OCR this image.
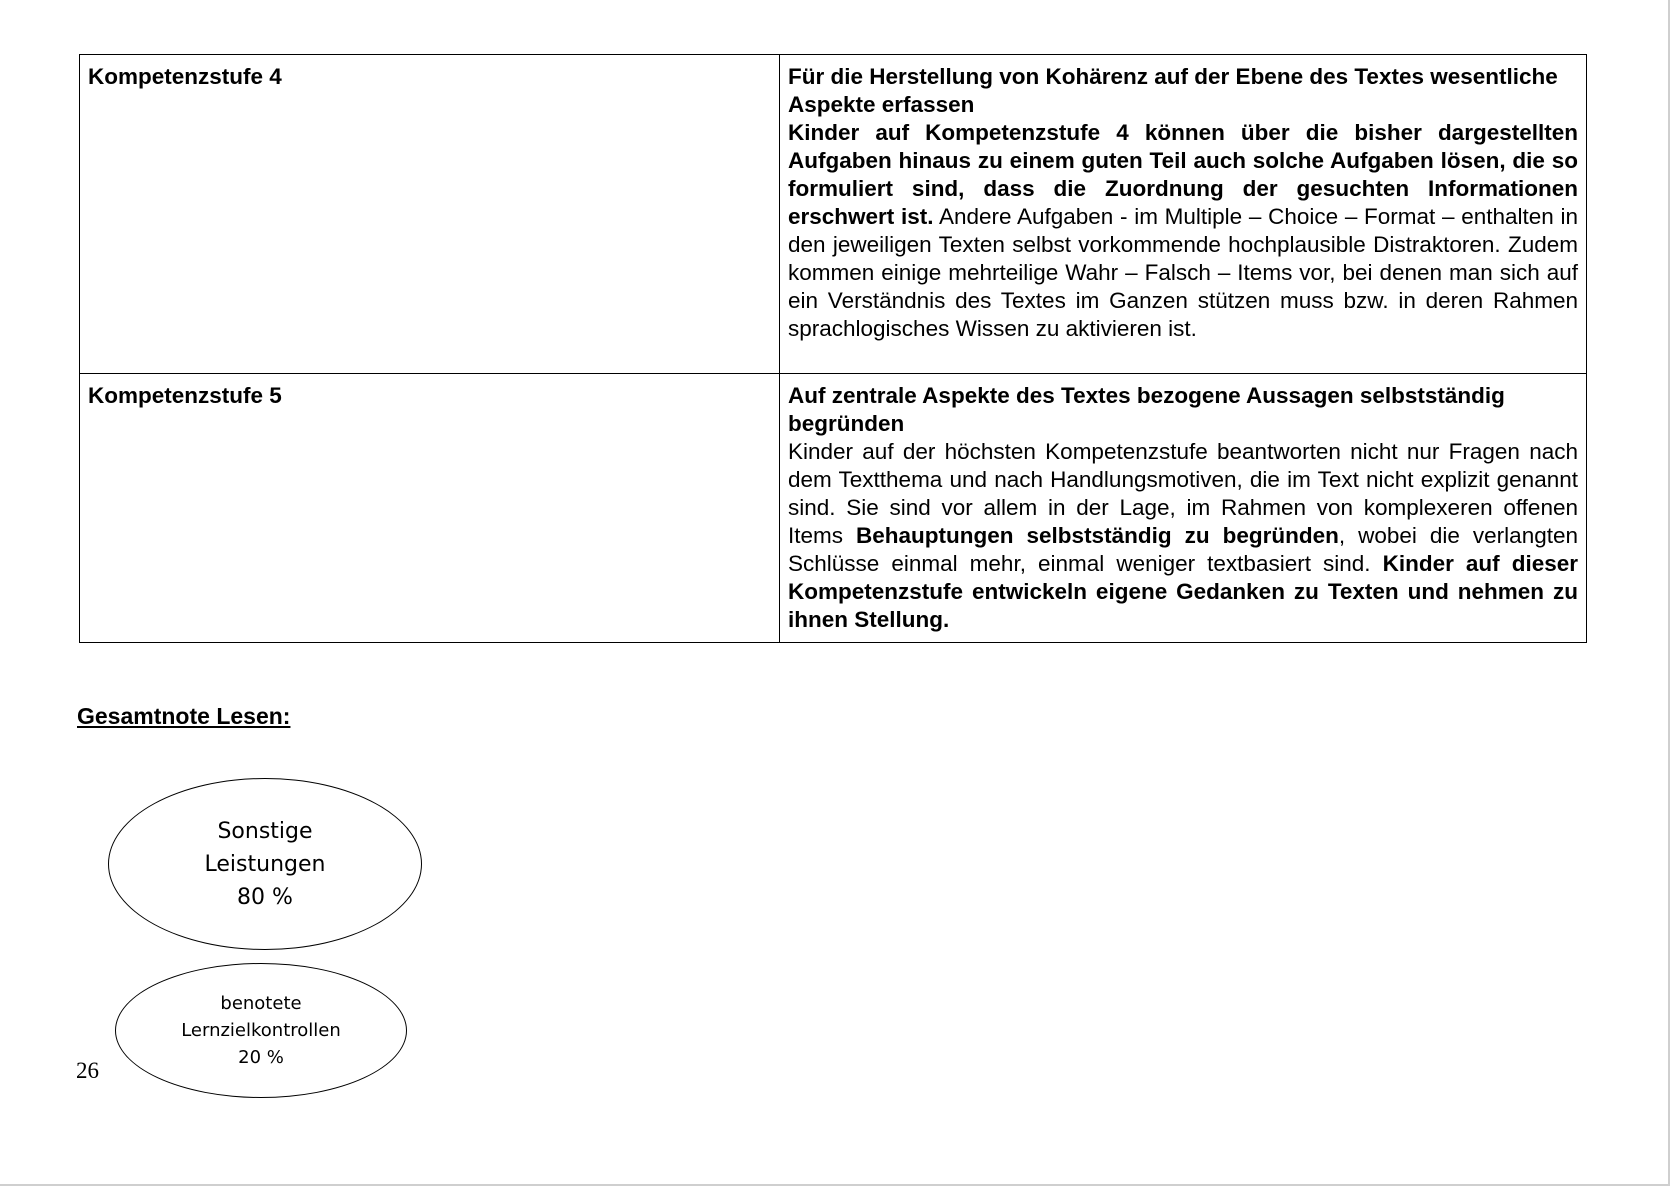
Kompetenzstufe 4	Für die Herstellung von Kohärenz auf der Ebene des Textes wesentliche Aspekte erfassen
Kinder auf Kompetenzstufe 4 können über die bisher dargestellten Aufgaben hinaus zu einem guten Teil auch solche Aufgaben lösen, die so formuliert sind, dass die Zuordnung der gesuchten Informationen erschwert ist. Andere Aufgaben - im Multiple – Choice – Format – enthalten in den jeweiligen Texten selbst vorkommende hochplausible Distraktoren. Zudem kommen einige mehrteilige Wahr – Falsch – Items vor, bei denen man sich auf ein Verständnis des Textes im Ganzen stützen muss bzw. in deren Rahmen sprachlogisches Wissen zu aktivieren ist.
Kompetenzstufe 5	Auf zentrale Aspekte des Textes bezogene Aussagen selbstständig begründen
Kinder auf der höchsten Kompetenzstufe beantworten nicht nur Fragen nach dem Textthema und nach Handlungsmotiven, die im Text nicht explizit genannt sind. Sie sind vor allem in der Lage, im Rahmen von komplexeren offenen Items Behauptungen selbstständig zu begründen, wobei die verlangten Schlüsse einmal mehr, einmal weniger textbasiert sind. Kinder auf dieser Kompetenzstufe entwickeln eigene Gedanken zu Texten und nehmen zu ihnen Stellung.
Gesamtnote Lesen:
Sonstige
Leistungen
80 %
benotete
Lernzielkontrollen
20 %
26
